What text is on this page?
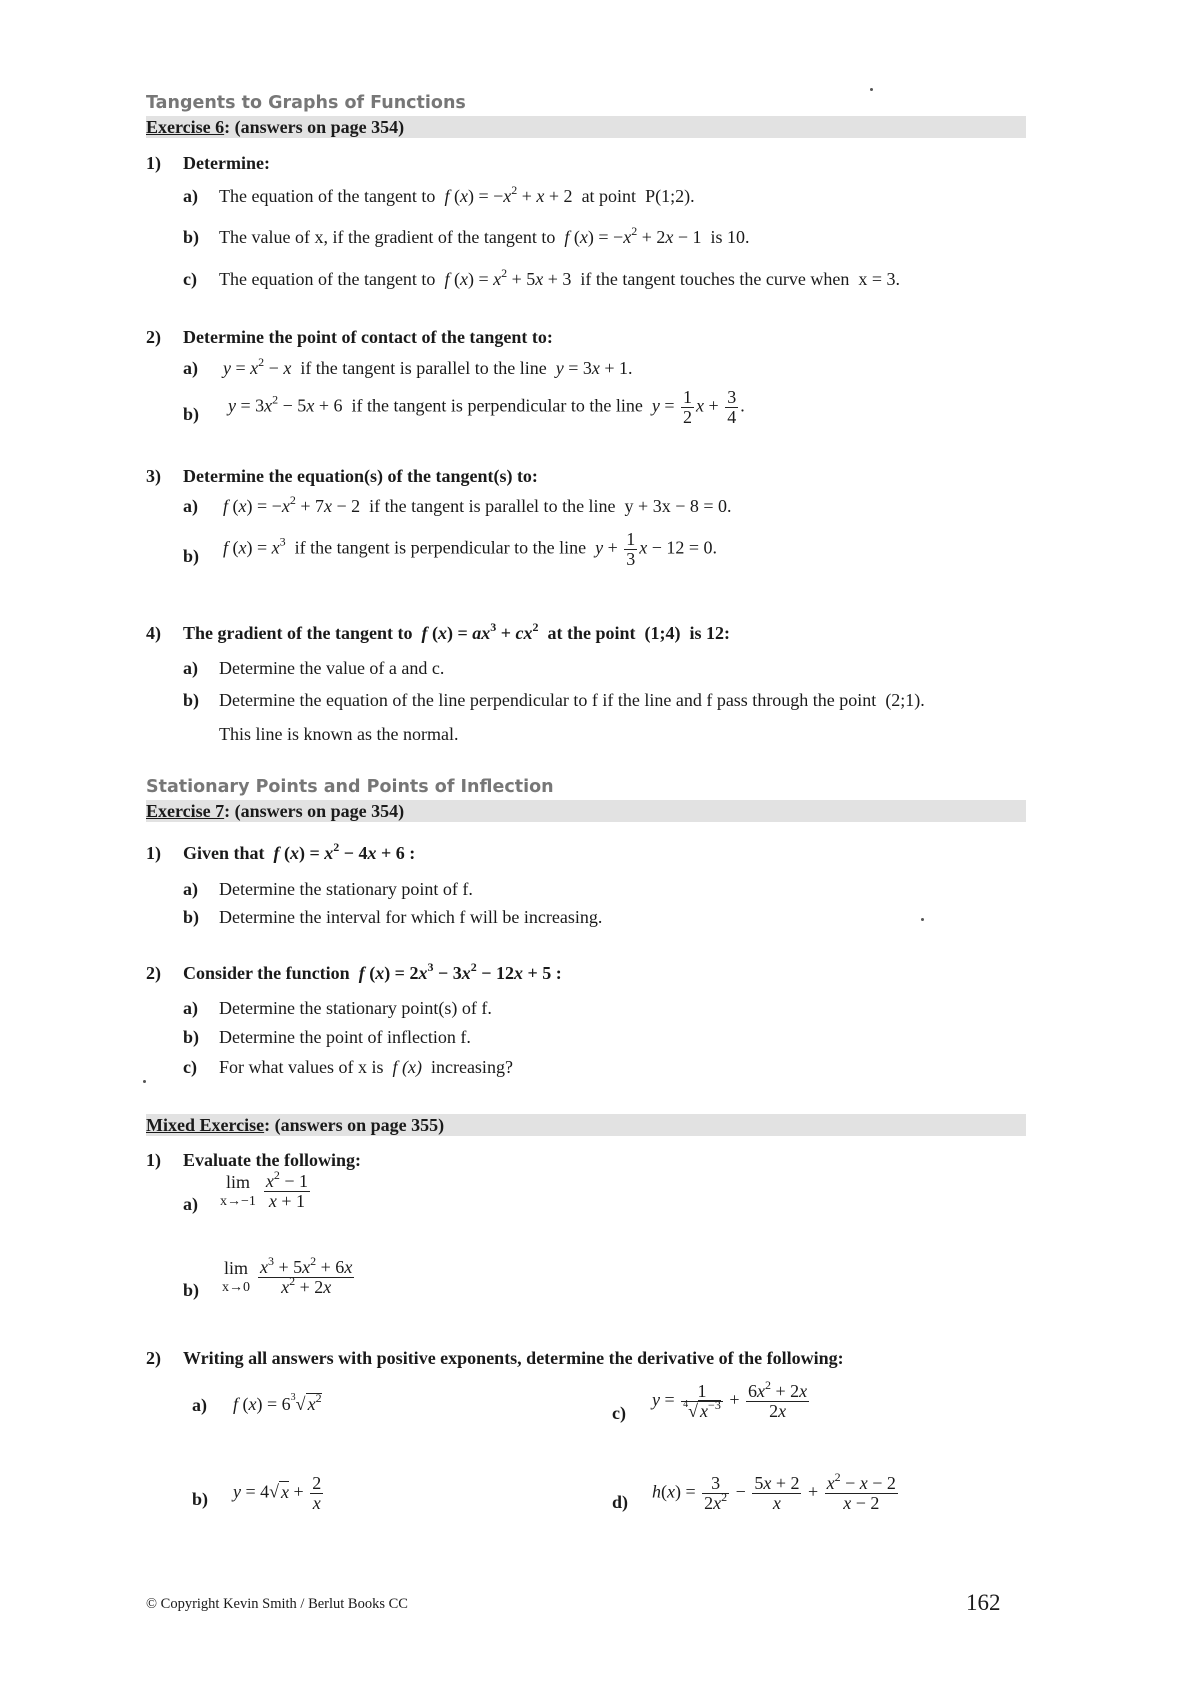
Tangents to Graphs of Functions
Exercise 6: (answers on page 354)
1) Determine:
a) The equation of the tangent to f $(x) = -x^2 + x + 2$  at point P(1;2).
b) The value of x, if the gradient of the tangent to f $(x) = -x^2 + 2x - 1$  is 10.
c) The equation of the tangent to f $(x) = x^2 + 5x + 3$  if the tangent touches the curve when x = 3.
2) Determine the point of contact of the tangent to:
a) $y = x^2 - x$ if the tangent is parallel to the line y = 3x + 1.
b) $y = 3x^2 - 5x + 6$  if the tangent is perpendicular to the line $y = \frac{1}{2}$ $x + \frac{3}{4}$ .
3) Determine the equation(s) of the tangent(s) to:
a) f $(x) = -x^2 + 7x - 2$  if the tangent is parallel to the line y + 3x − 8 = 0.
b) f $(x) = x^3$ if the tangent is perpendicular to the line $y + \frac{1}{3}$ x − 12 = 0.
4) The gradient of the tangent to f $(x) = ax^3 + cx^2$ at the point (1;4) is 12:
a) Determine the value of a and c.
b) Determine the equation of the line perpendicular to f if the line and f pass through the point (2;1).
This line is known as the normal.
Stationary Points and Points of Inflection
Exercise 7: (answers on page 354)
1) Given that f $(x) = x^2 - 4x + 6$ :
a) Determine the stationary point of f.
b) Determine the interval for which f will be increasing.
2) Consider the function f $(x) = 2x^3 - 3x^2 - 12x + 5$ :
a) Determine the stationary point(s) of f.
b) Determine the point of inflection f.
c) For what values of x is f (x) increasing?
Mixed Exercise: (answers on page 355)
1) Evaluate the following:
a)
lim
$x\to-1 \frac{x^2 - 1}{x + 1}$
b)
lim
$x\to 0 \frac{x^3 + 5x^2 + 6x}{x^2 + 2x}$
2) Writing all answers with positive exponents, determine the derivative of the following:
a) f $(x) = 6^3√$ $x^2$
b) y = 4√ $x + \frac{2}{x}$
c)
$y = \frac{1}{^4√ x^{-3}} + \frac{6x^2 + 2x}{2x}$
d)
$h(x) = \frac{3}{2x^2} - \frac{5x + 2}{x} + \frac{x^2 - x - 2}{x - 2}$
© Copyright Kevin Smith / Berlut Books CC	162
